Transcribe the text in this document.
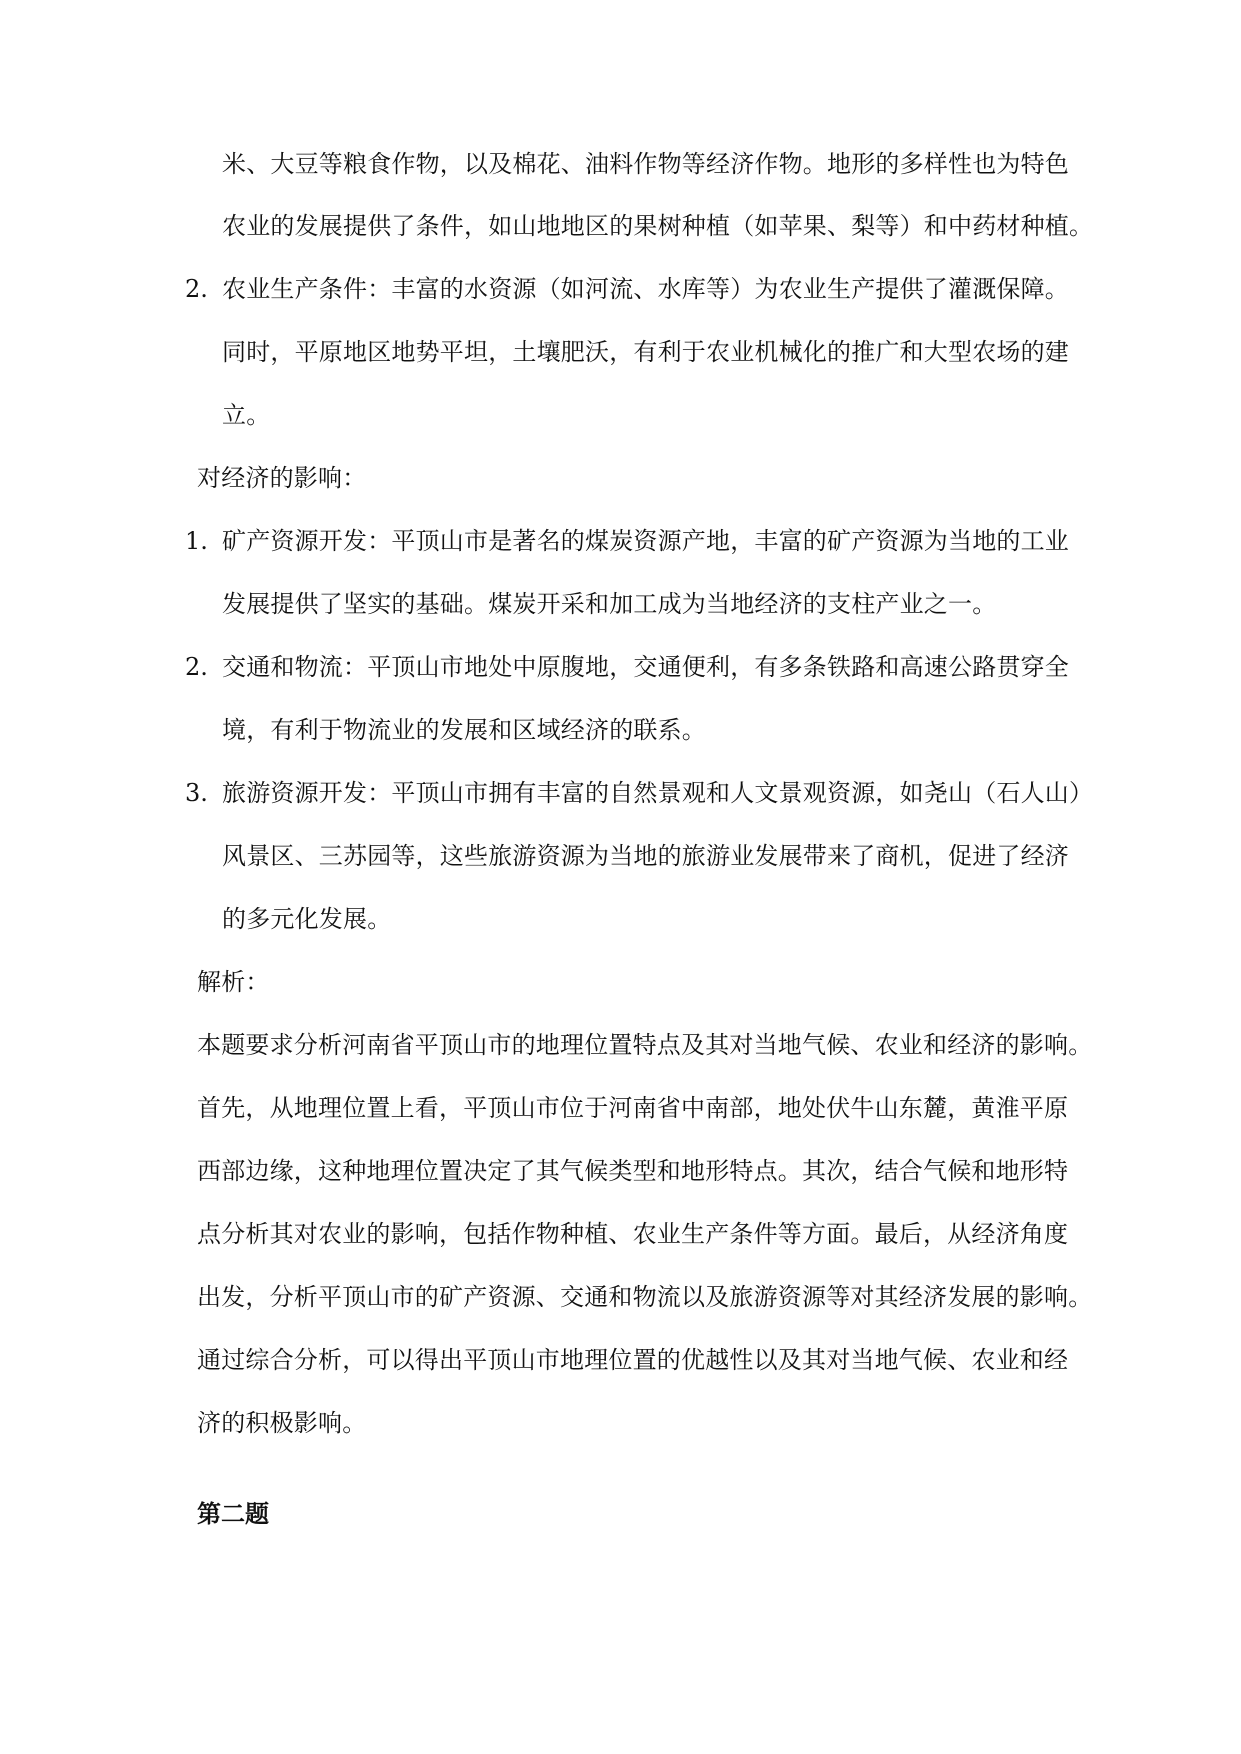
米、大豆等粮食作物，以及棉花、油料作物等经济作物。地形的多样性也为特色
农业的发展提供了条件，如山地地区的果树种植（如苹果、梨等）和中药材种植。
2. 农业生产条件：丰富的水资源（如河流、水库等）为农业生产提供了灌溉保障。
同时，平原地区地势平坦，土壤肥沃，有利于农业机械化的推广和大型农场的建
立。
对经济的影响：
1. 矿产资源开发：平顶山市是著名的煤炭资源产地，丰富的矿产资源为当地的工业
发展提供了坚实的基础。煤炭开采和加工成为当地经济的支柱产业之一。
2. 交通和物流：平顶山市地处中原腹地，交通便利，有多条铁路和高速公路贯穿全
境，有利于物流业的发展和区域经济的联系。
3. 旅游资源开发：平顶山市拥有丰富的自然景观和人文景观资源，如尧山（石人山）
风景区、三苏园等，这些旅游资源为当地的旅游业发展带来了商机，促进了经济
的多元化发展。
解析：
本题要求分析河南省平顶山市的地理位置特点及其对当地气候、农业和经济的影响。
首先，从地理位置上看，平顶山市位于河南省中南部，地处伏牛山东麓，黄淮平原
西部边缘，这种地理位置决定了其气候类型和地形特点。其次，结合气候和地形特
点分析其对农业的影响，包括作物种植、农业生产条件等方面。最后，从经济角度
出发，分析平顶山市的矿产资源、交通和物流以及旅游资源等对其经济发展的影响。
通过综合分析，可以得出平顶山市地理位置的优越性以及其对当地气候、农业和经
济的积极影响。
第二题
